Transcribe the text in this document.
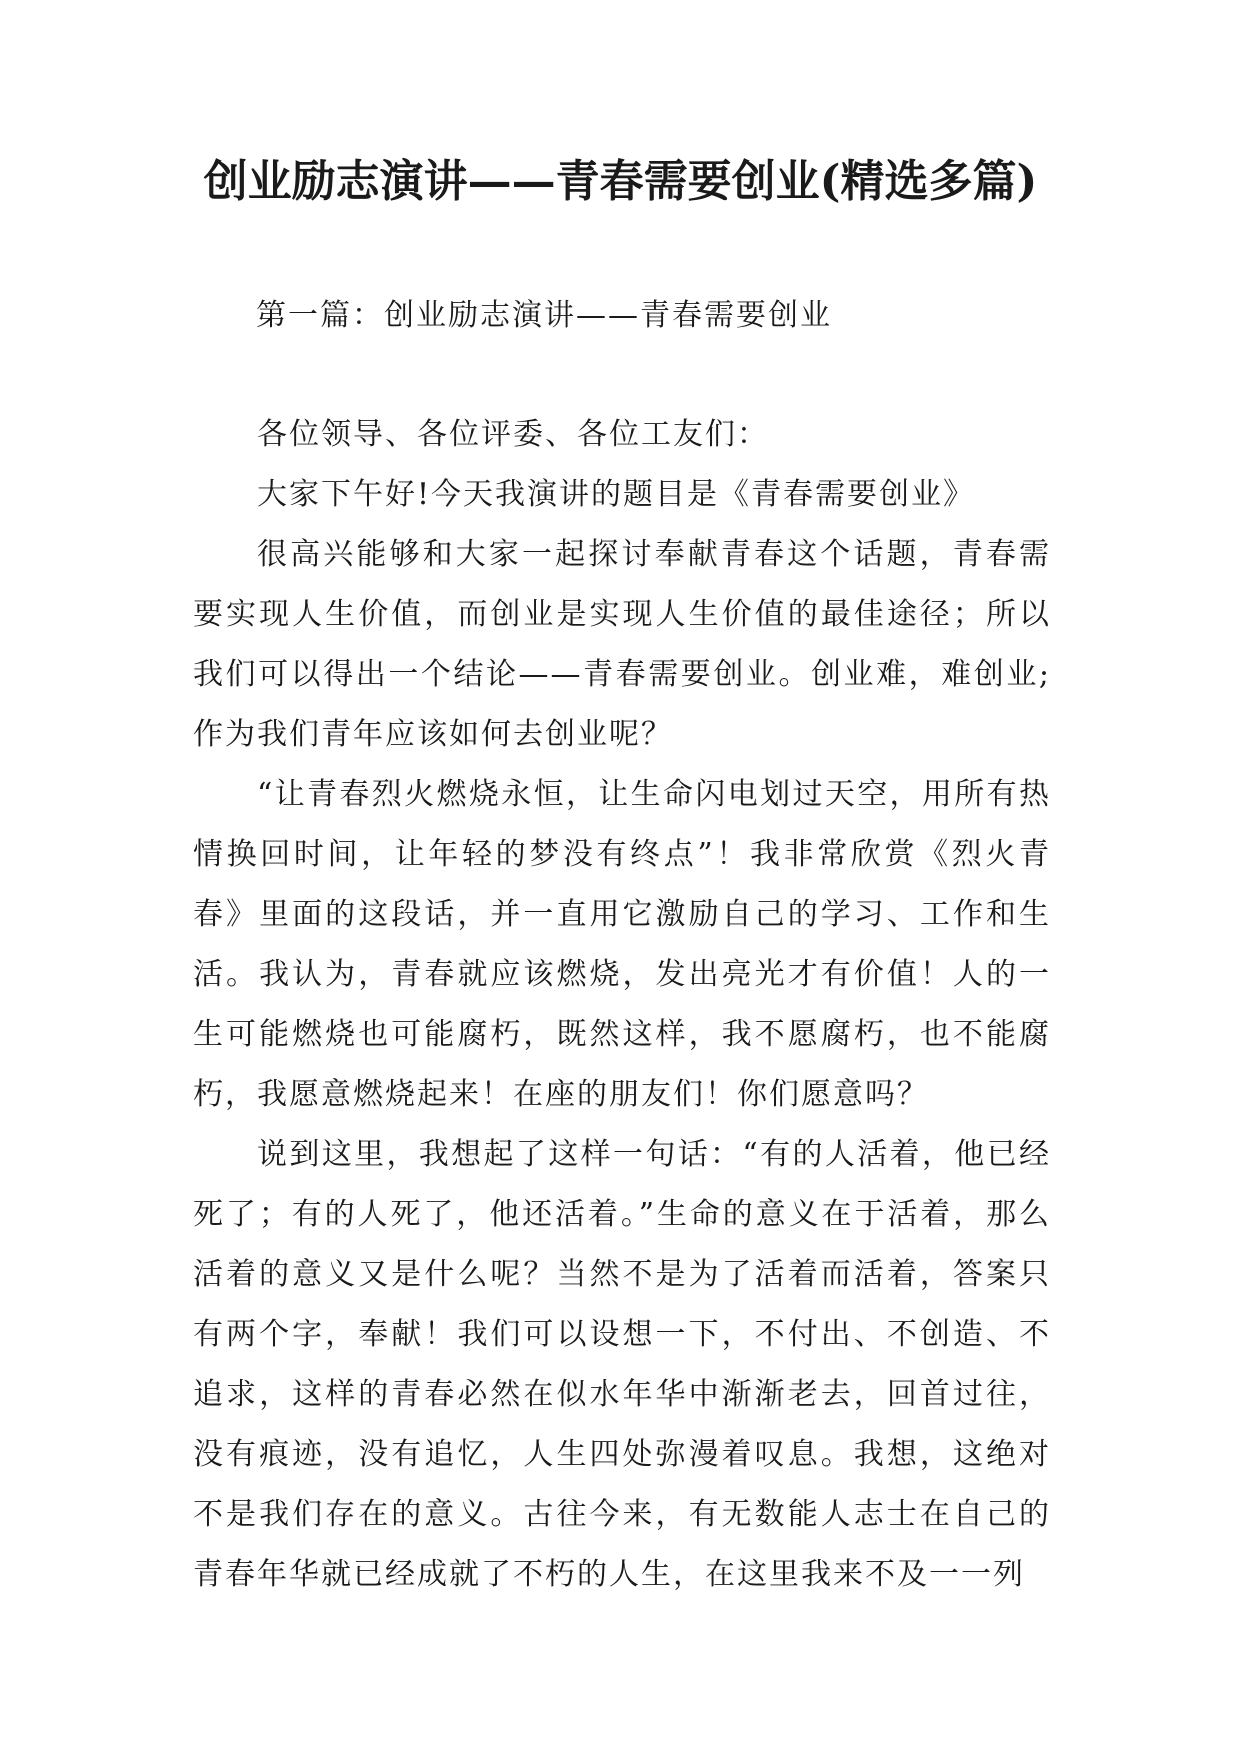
创业励志演讲——青春需要创业(精选多篇)
第一篇：创业励志演讲——青春需要创业

各位领导、各位评委、各位工友们：

大家下午好!今天我演讲的题目是《青春需要创业》

很高兴能够和大家一起探讨奉献青春这个话题，青春需要实现人生价值，而创业是实现人生价值的最佳途径；所以我们可以得出一个结论——青春需要创业。创业难，难创业;作为我们青年应该如何去创业呢？

“让青春烈火燃烧永恒，让生命闪电划过天空，用所有热情换回时间，让年轻的梦没有终点”！我非常欣赏《烈火青春》里面的这段话，并一直用它激励自己的学习、工作和生活。我认为，青春就应该燃烧，发出亮光才有价值！人的一生可能燃烧也可能腐朽，既然这样，我不愿腐朽，也不能腐朽，我愿意燃烧起来！在座的朋友们！你们愿意吗？

说到这里，我想起了这样一句话：“有的人活着，他已经死了；有的人死了，他还活着。”生命的意义在于活着，那么活着的意义又是什么呢？当然不是为了活着而活着，答案只有两个字，奉献！我们可以设想一下，不付出、不创造、不追求，这样的青春必然在似水年华中渐渐老去，回首过往，没有痕迹，没有追忆，人生四处弥漫着叹息。我想，这绝对不是我们存在的意义。古往今来，有无数能人志士在自己的青春年华就已经成就了不朽的人生，在这里我来不及一一列
